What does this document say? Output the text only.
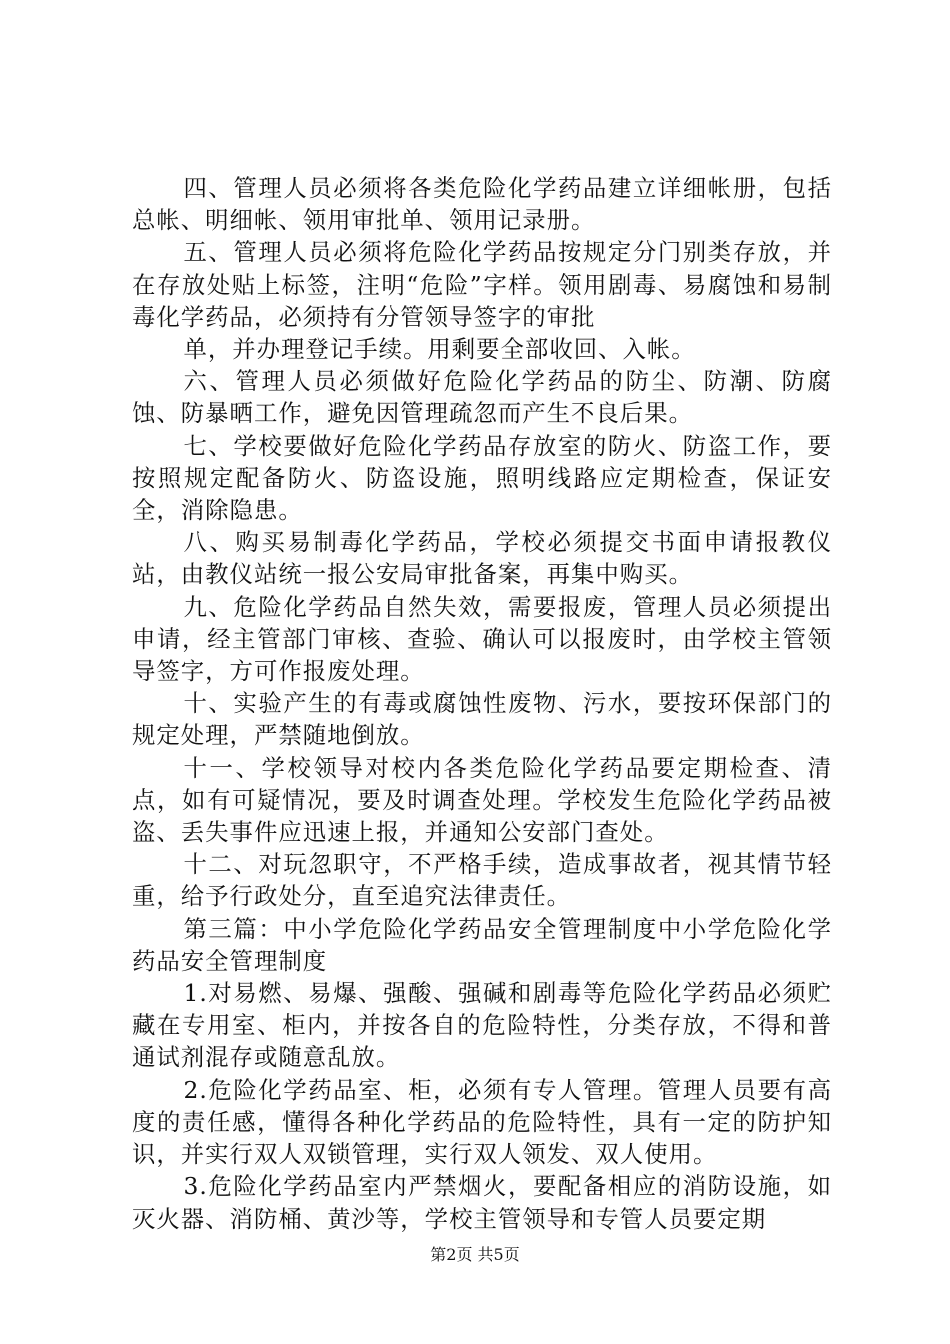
四、管理人员必须将各类危险化学药品建立详细帐册，包括总帐、明细帐、领用审批单、领用记录册。

五、管理人员必须将危险化学药品按规定分门别类存放，并在存放处贴上标签，注明“危险”字样。领用剧毒、易腐蚀和易制毒化学药品，必须持有分管领导签字的审批

单，并办理登记手续。用剩要全部收回、入帐。

六、管理人员必须做好危险化学药品的防尘、防潮、防腐蚀、防暴晒工作，避免因管理疏忽而产生不良后果。

七、学校要做好危险化学药品存放室的防火、防盗工作，要按照规定配备防火、防盗设施，照明线路应定期检查，保证安全，消除隐患。

八、购买易制毒化学药品，学校必须提交书面申请报教仪站，由教仪站统一报公安局审批备案，再集中购买。

九、危险化学药品自然失效，需要报废，管理人员必须提出申请，经主管部门审核、查验、确认可以报废时，由学校主管领导签字，方可作报废处理。

十、实验产生的有毒或腐蚀性废物、污水，要按环保部门的规定处理，严禁随地倒放。

十一、学校领导对校内各类危险化学药品要定期检查、清点，如有可疑情况，要及时调查处理。学校发生危险化学药品被盗、丢失事件应迅速上报，并通知公安部门查处。

十二、对玩忽职守，不严格手续，造成事故者，视其情节轻重，给予行政处分，直至追究法律责任。

第三篇：中小学危险化学药品安全管理制度中小学危险化学药品安全管理制度

1.对易燃、易爆、强酸、强碱和剧毒等危险化学药品必须贮藏在专用室、柜内，并按各自的危险特性，分类存放，不得和普通试剂混存或随意乱放。

2.危险化学药品室、柜，必须有专人管理。管理人员要有高度的责任感，懂得各种化学药品的危险特性，具有一定的防护知识，并实行双人双锁管理，实行双人领发、双人使用。

3.危险化学药品室内严禁烟火，要配备相应的消防设施，如灭火器、消防桶、黄沙等，学校主管领导和专管人员要定期

第2页 共5页
